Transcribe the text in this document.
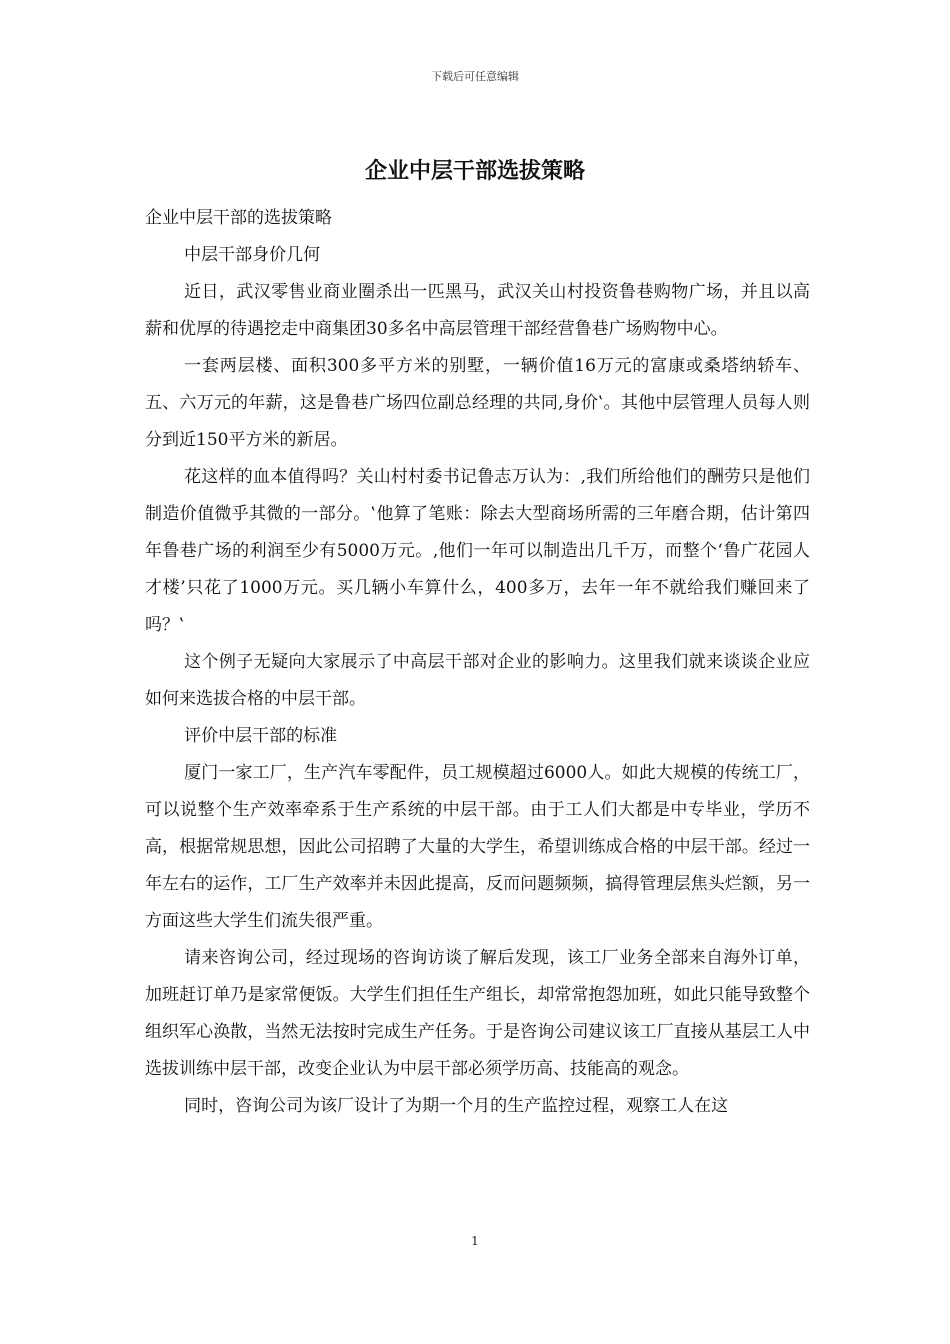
下载后可任意编辑
企业中层干部选拔策略

企业中层干部的选拔策略

中层干部身价几何

近日，武汉零售业商业圈杀出一匹黑马，武汉关山村投资鲁巷购物广场，并且以高薪和优厚的待遇挖走中商集团30多名中高层管理干部经营鲁巷广场购物中心。

一套两层楼、面积300多平方米的别墅，一辆价值16万元的富康或桑塔纳轿车、五、六万元的年薪，这是鲁巷广场四位副总经理的共同‚身价‛。其他中层管理人员每人则分到近150平方米的新居。

花这样的血本值得吗？关山村村委书记鲁志万认为：‚我们所给他们的酬劳只是他们制造价值微乎其微的一部分。‛他算了笔账：除去大型商场所需的三年磨合期，估计第四年鲁巷广场的利润至少有5000万元。‚他们一年可以制造出几千万，而整个‘鲁广花园人才楼’只花了1000万元。买几辆小车算什么，400多万，去年一年不就给我们赚回来了吗？‛

这个例子无疑向大家展示了中高层干部对企业的影响力。这里我们就来谈谈企业应如何来选拔合格的中层干部。

评价中层干部的标准

厦门一家工厂，生产汽车零配件，员工规模超过6000人。如此大规模的传统工厂，可以说整个生产效率牵系于生产系统的中层干部。由于工人们大都是中专毕业，学历不高，根据常规思想，因此公司招聘了大量的大学生，希望训练成合格的中层干部。经过一年左右的运作，工厂生产效率并未因此提高，反而问题频频，搞得管理层焦头烂额，另一方面这些大学生们流失很严重。

请来咨询公司，经过现场的咨询访谈了解后发现，该工厂业务全部来自海外订单，加班赶订单乃是家常便饭。大学生们担任生产组长，却常常抱怨加班，如此只能导致整个组织军心涣散，当然无法按时完成生产任务。于是咨询公司建议该工厂直接从基层工人中选拔训练中层干部，改变企业认为中层干部必须学历高、技能高的观念。

同时，咨询公司为该厂设计了为期一个月的生产监控过程，观察工人在这

1
